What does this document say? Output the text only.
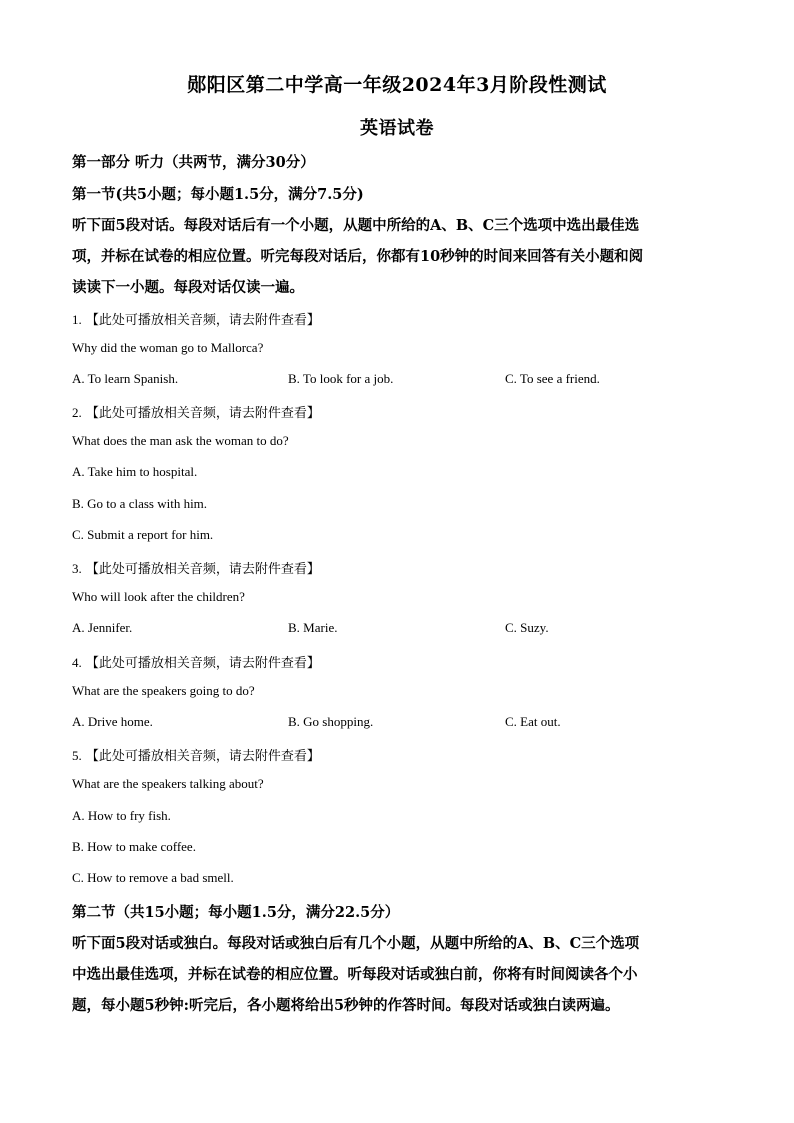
郧阳区第二中学高一年级2024年3月阶段性测试
英语试卷
第一部分 听力（共两节，满分30分）
第一节(共5小题；每小题1.5分，满分7.5分)
听下面5段对话。每段对话后有一个小题，从题中所给的A、B、C三个选项中选出最佳选
项，并标在试卷的相应位置。听完每段对话后，你都有10秒钟的时间来回答有关小题和阅
读读下一小题。每段对话仅读一遍。
1. 【此处可播放相关音频，请去附件查看】
Why did the woman go to Mallorca?
A. To learn Spanish.	B. To look for a job.	C. To see a friend.
2. 【此处可播放相关音频，请去附件查看】
What does the man ask the woman to do?
A. Take him to hospital.
B. Go to a class with him.
C. Submit a report for him.
3. 【此处可播放相关音频，请去附件查看】
Who will look after the children?
A. Jennifer.	B. Marie.	C. Suzy.
4. 【此处可播放相关音频，请去附件查看】
What are the speakers going to do?
A. Drive home.	B. Go shopping.	C. Eat out.
5. 【此处可播放相关音频，请去附件查看】
What are the speakers talking about?
A. How to fry fish.
B. How to make coffee.
C. How to remove a bad smell.
第二节（共15小题；每小题1.5分，满分22.5分）
听下面5段对话或独白。每段对话或独白后有几个小题，从题中所给的A、B、C三个选项
中选出最佳选项，并标在试卷的相应位置。听每段对话或独白前，你将有时间阅读各个小
题，每小题5秒钟:听完后，各小题将给出5秒钟的作答时间。每段对话或独白读两遍。
